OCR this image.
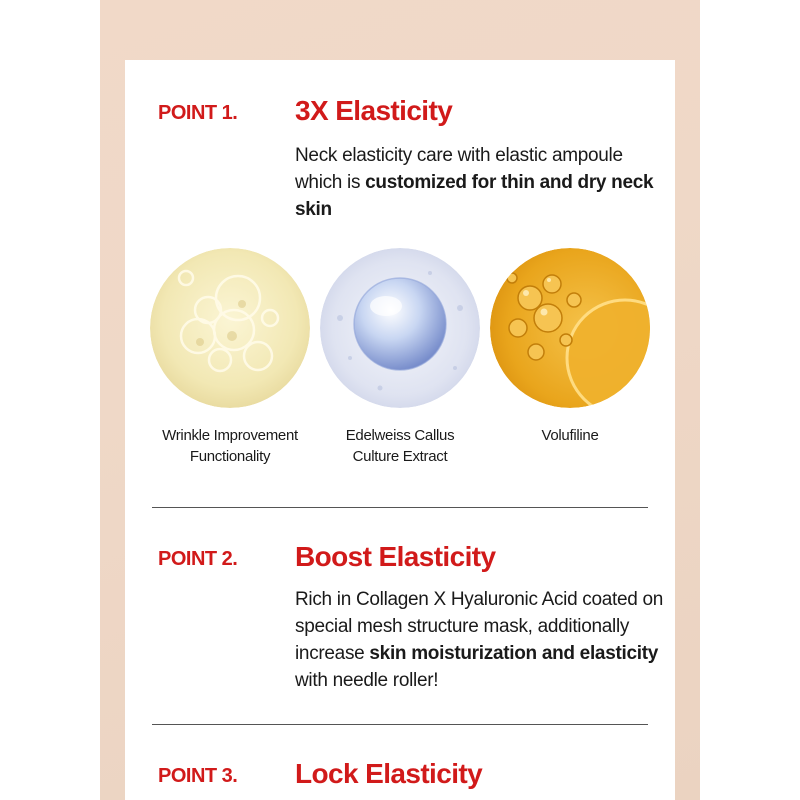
POINT 1. 3X Elasticity
Neck elasticity care with elastic ampoule which is customized for thin and dry neck skin
Wrinkle Improvement
Functionality
Edelweiss Callus
Culture Extract
Volufiline
POINT 2. Boost Elasticity
Rich in Collagen X Hyaluronic Acid coated on special mesh structure mask, additionally increase skin moisturization and elasticity with needle roller!
POINT 3. Lock Elasticity
